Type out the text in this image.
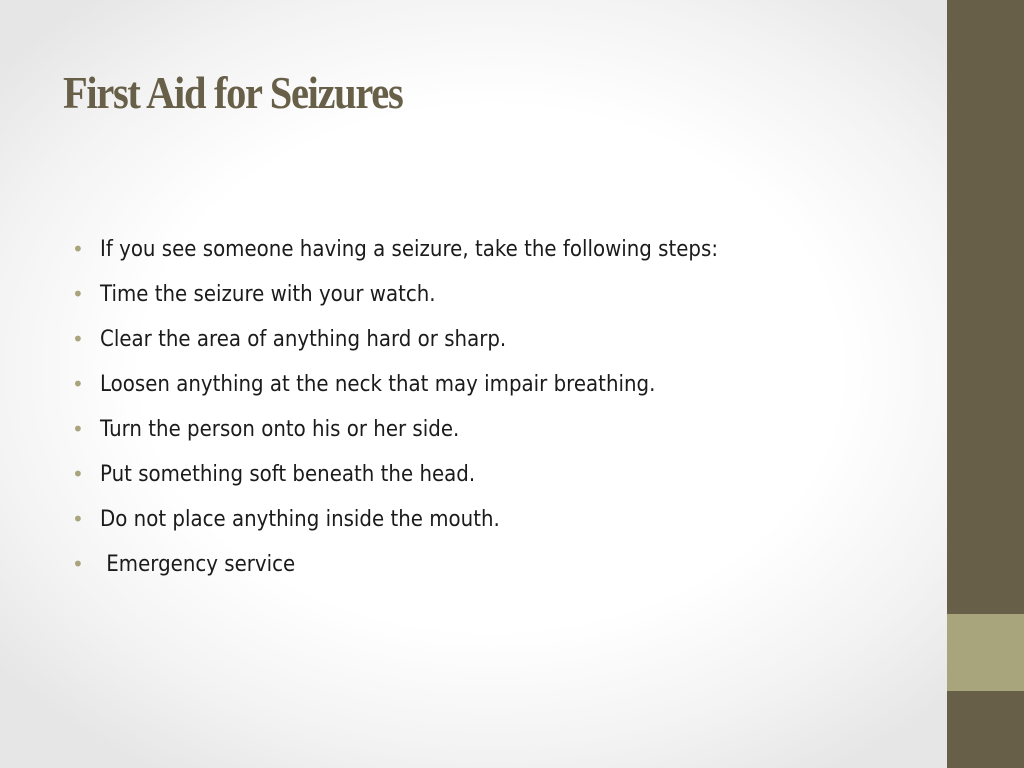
First Aid for Seizures
• If you see someone having a seizure, take the following steps:
• Time the seizure with your watch.
• Clear the area of anything hard or sharp.
• Loosen anything at the neck that may impair breathing.
• Turn the person onto his or her side.
• Put something soft beneath the head.
• Do not place anything inside the mouth.
• Emergency service
